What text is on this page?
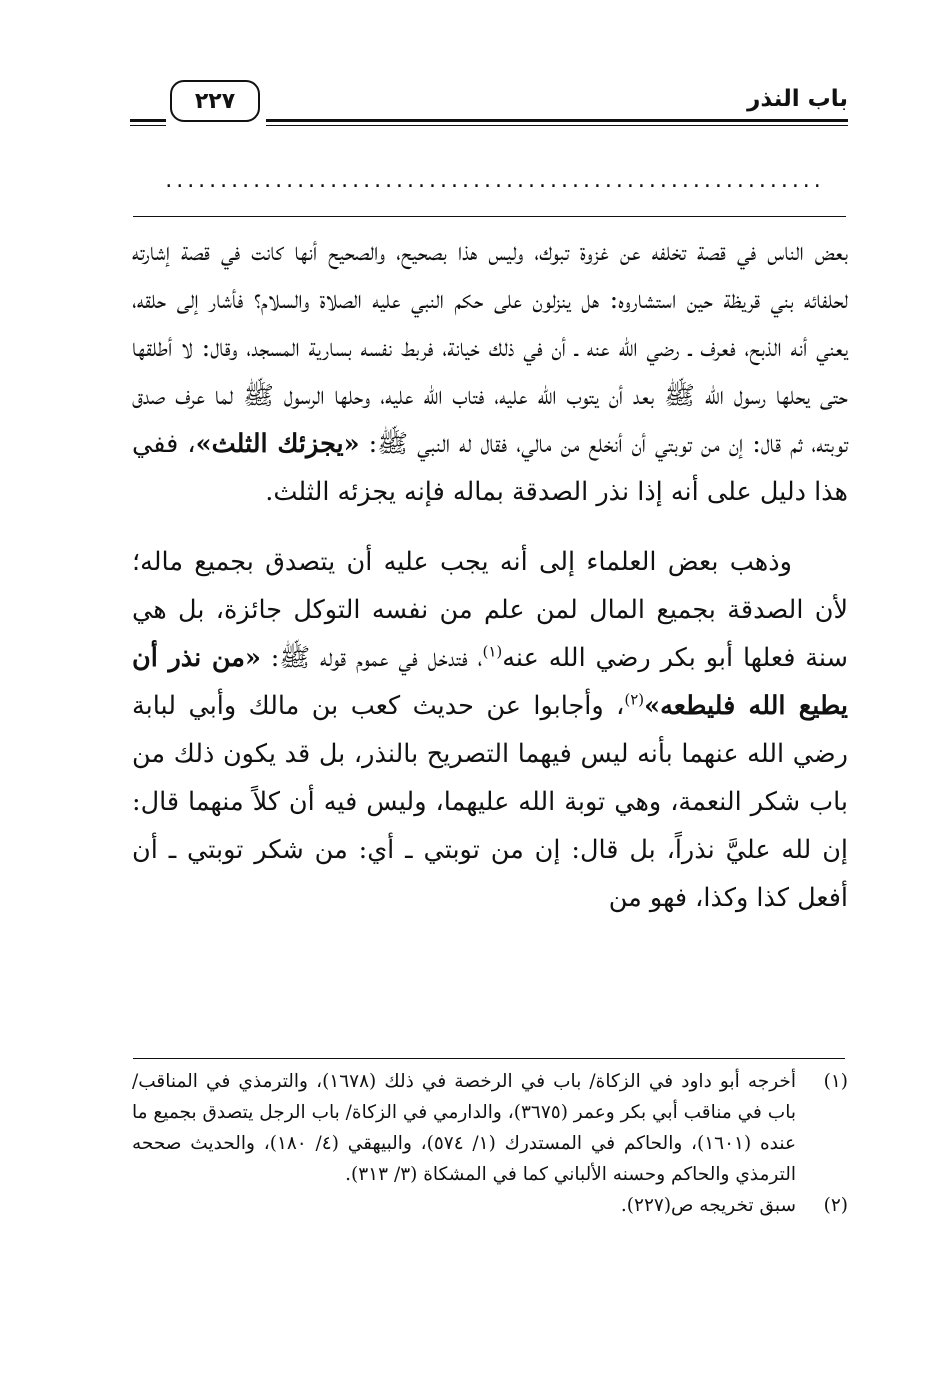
باب النذر
٢٢٧
............................................................

بعض الناس في قصة تخلفه عن غزوة تبوك، وليس هذا بصحيح، والصحيح أنها كانت في قصة إشارته لحلفائه بني قريظة حين استشاروه: هل ينزلون على حكم النبي عليه الصلاة والسلام؟ فأشار إلى حلقه، يعني أنه الذبح، فعرف ـ رضي الله عنه ـ أن في ذلك خيانة، فربط نفسه بسارية المسجد، وقال: لا أطلقها حتى يحلها رسول الله ﷺ بعد أن يتوب الله عليه، فتاب الله عليه، وحلها الرسول ﷺ لما عرف صدق توبته، ثم قال: إن من توبتي أن أنخلع من مالي، فقال له النبي ﷺ: «يجزئك الثلث»، ففي هذا دليل على أنه إذا نذر الصدقة بماله فإنه يجزئه الثلث.

وذهب بعض العلماء إلى أنه يجب عليه أن يتصدق بجميع ماله؛ لأن الصدقة بجميع المال لمن علم من نفسه التوكل جائزة، بل هي سنة فعلها أبو بكر رضي الله عنه$^{(١)}$، فتدخل في عموم قوله ﷺ: «من نذر أن يطيع الله فليطعه»$^{(٢)}$، وأجابوا عن حديث كعب بن مالك وأبي لبابة رضي الله عنهما بأنه ليس فيهما التصريح بالنذر، بل قد يكون ذلك من باب شكر النعمة، وهي توبة الله عليهما، وليس فيه أن كلاً منهما قال: إن لله عليَّ نذراً، بل قال: إن من توبتي ـ أي: من شكر توبتي ـ أن أفعل كذا وكذا، فهو من

(١)
أخرجه أبو داود في الزكاة/ باب في الرخصة في ذلك (١٦٧٨)، والترمذي في المناقب/ باب في مناقب أبي بكر وعمر (٣٦٧٥)، والدارمي في الزكاة/ باب الرجل يتصدق بجميع ما عنده (١٦٠١)، والحاكم في المستدرك (١/ ٥٧٤)، والبيهقي (٤/ ١٨٠)، والحديث صححه الترمذي والحاكم وحسنه الألباني كما في المشكاة (٣/ ٣١٣).
(٢)
سبق تخريجه ص(٢٢٧).
